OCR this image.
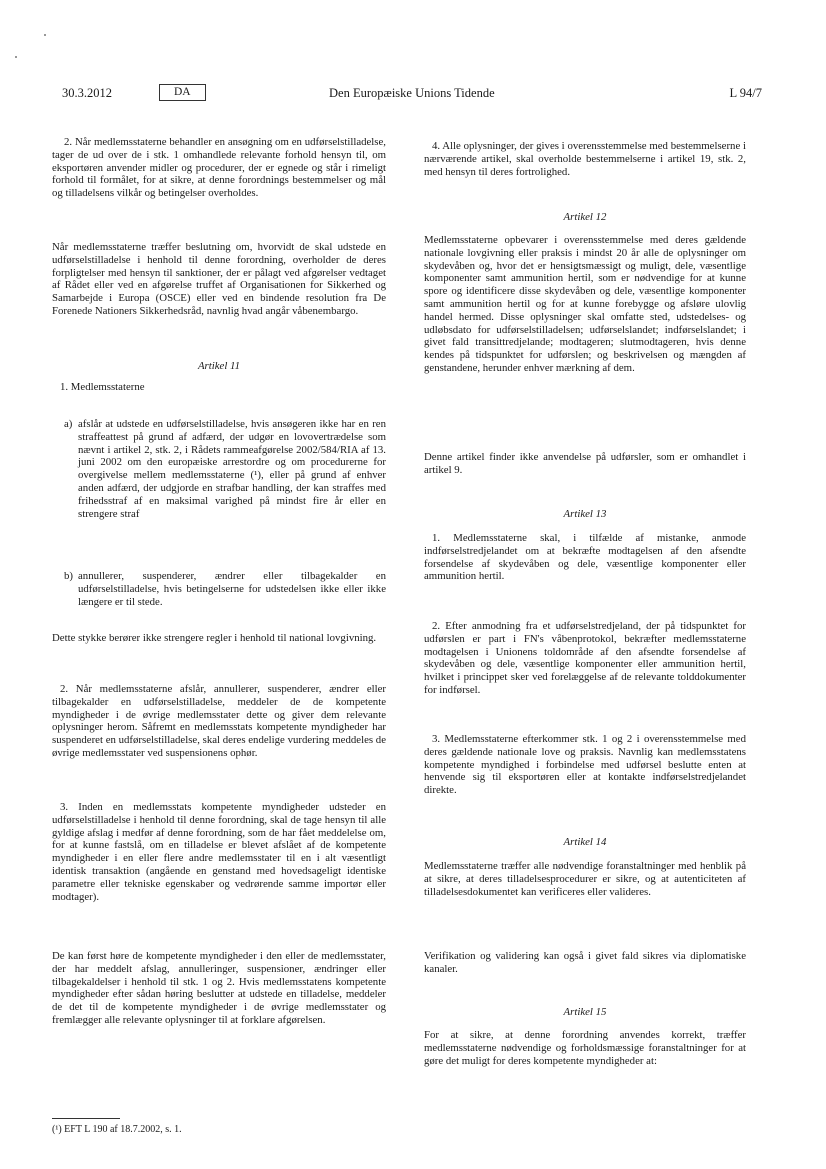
30.3.2012	DA	Den Europæiske Unions Tidende	L 94/7

2. Når medlemsstaterne behandler en ansøgning om en udførselstilladelse, tager de ud over de i stk. 1 omhandlede relevante forhold hensyn til, om eksportøren anvender midler og procedurer, der er egnede og står i rimeligt forhold til formålet, for at sikre, at denne forordnings bestemmelser og mål og tilladelsens vilkår og betingelser overholdes.

Når medlemsstaterne træffer beslutning om, hvorvidt de skal udstede en udførselstilladelse i henhold til denne forordning, overholder de deres forpligtelser med hensyn til sanktioner, der er pålagt ved afgørelser vedtaget af Rådet eller ved en afgørelse truffet af Organisationen for Sikkerhed og Samarbejde i Europa (OSCE) eller ved en bindende resolution fra De Forenede Nationers Sikkerhedsråd, navnlig hvad angår våbenembargo.

Artikel 11

1. Medlemsstaterne

a) afslår at udstede en udførselstilladelse, hvis ansøgeren ikke har en ren straffeattest på grund af adfærd, der udgør en lovovertrædelse som nævnt i artikel 2, stk. 2, i Rådets rammeafgørelse 2002/584/RIA af 13. juni 2002 om den europæiske arrestordre og om procedurerne for overgivelse mellem medlemsstaterne (¹), eller på grund af enhver anden adfærd, der udgjorde en strafbar handling, der kan straffes med frihedsstraf af en maksimal varighed på mindst fire år eller en strengere straf
b) annullerer, suspenderer, ændrer eller tilbagekalder en udførselstilladelse, hvis betingelserne for udstedelsen ikke eller ikke længere er til stede.

Dette stykke berører ikke strengere regler i henhold til national lovgivning.

2. Når medlemsstaterne afslår, annullerer, suspenderer, ændrer eller tilbagekalder en udførselstilladelse, meddeler de de kompetente myndigheder i de øvrige medlemsstater dette og giver dem relevante oplysninger herom. Såfremt en medlemsstats kompetente myndigheder har suspenderet en udførselstilladelse, skal deres endelige vurdering meddeles de øvrige medlemsstater ved suspensionens ophør.

3. Inden en medlemsstats kompetente myndigheder udsteder en udførselstilladelse i henhold til denne forordning, skal de tage hensyn til alle gyldige afslag i medfør af denne forordning, som de har fået meddelelse om, for at kunne fastslå, om en tilladelse er blevet afslået af de kompetente myndigheder i en eller flere andre medlemsstater til en i alt væsentligt identisk transaktion (angående en genstand med hovedsageligt identiske parametre eller tekniske egenskaber og vedrørende samme importør eller modtager).

De kan først høre de kompetente myndigheder i den eller de medlemsstater, der har meddelt afslag, annulleringer, suspensioner, ændringer eller tilbagekaldelser i henhold til stk. 1 og 2. Hvis medlemsstatens kompetente myndigheder efter sådan høring beslutter at udstede en tilladelse, meddeler de det til de kompetente myndigheder i de øvrige medlemsstater og fremlægger alle relevante oplysninger til at forklare afgørelsen.

(¹) EFT L 190 af 18.7.2002, s. 1.

4. Alle oplysninger, der gives i overensstemmelse med bestemmelserne i nærværende artikel, skal overholde bestemmelserne i artikel 19, stk. 2, med hensyn til deres fortrolighed.

Artikel 12

Medlemsstaterne opbevarer i overensstemmelse med deres gældende nationale lovgivning eller praksis i mindst 20 år alle de oplysninger om skydevåben og, hvor det er hensigtsmæssigt og muligt, dele, væsentlige komponenter samt ammunition hertil, som er nødvendige for at kunne spore og identificere disse skydevåben og dele, væsentlige komponenter samt ammunition hertil og for at kunne forebygge og afsløre ulovlig handel hermed. Disse oplysninger skal omfatte sted, udstedelses- og udløbsdato for udførselstilladelsen; udførselslandet; indførselslandet; i givet fald transittredjelande; modtageren; slutmodtageren, hvis denne kendes på tidspunktet for udførslen; og beskrivelsen og mængden af genstandene, herunder enhver mærkning af dem.

Denne artikel finder ikke anvendelse på udførsler, som er omhandlet i artikel 9.

Artikel 13

1. Medlemsstaterne skal, i tilfælde af mistanke, anmode indførselstredjelandet om at bekræfte modtagelsen af den afsendte forsendelse af skydevåben og dele, væsentlige komponenter eller ammunition hertil.

2. Efter anmodning fra et udførselstredjeland, der på tidspunktet for udførslen er part i FN's våbenprotokol, bekræfter medlemsstaterne modtagelsen i Unionens toldområde af den afsendte forsendelse af skydevåben og dele, væsentlige komponenter eller ammunition hertil, hvilket i princippet sker ved forelæggelse af de relevante tolddokumenter for indførsel.

3. Medlemsstaterne efterkommer stk. 1 og 2 i overensstemmelse med deres gældende nationale love og praksis. Navnlig kan medlemsstatens kompetente myndighed i forbindelse med udførsel beslutte enten at henvende sig til eksportøren eller at kontakte indførselstredjelandet direkte.

Artikel 14

Medlemsstaterne træffer alle nødvendige foranstaltninger med henblik på at sikre, at deres tilladelsesprocedurer er sikre, og at autenticiteten af tilladelsesdokumentet kan verificeres eller valideres.

Verifikation og validering kan også i givet fald sikres via diplomatiske kanaler.

Artikel 15

For at sikre, at denne forordning anvendes korrekt, træffer medlemsstaterne nødvendige og forholdsmæssige foranstaltninger for at gøre det muligt for deres kompetente myndigheder at:
